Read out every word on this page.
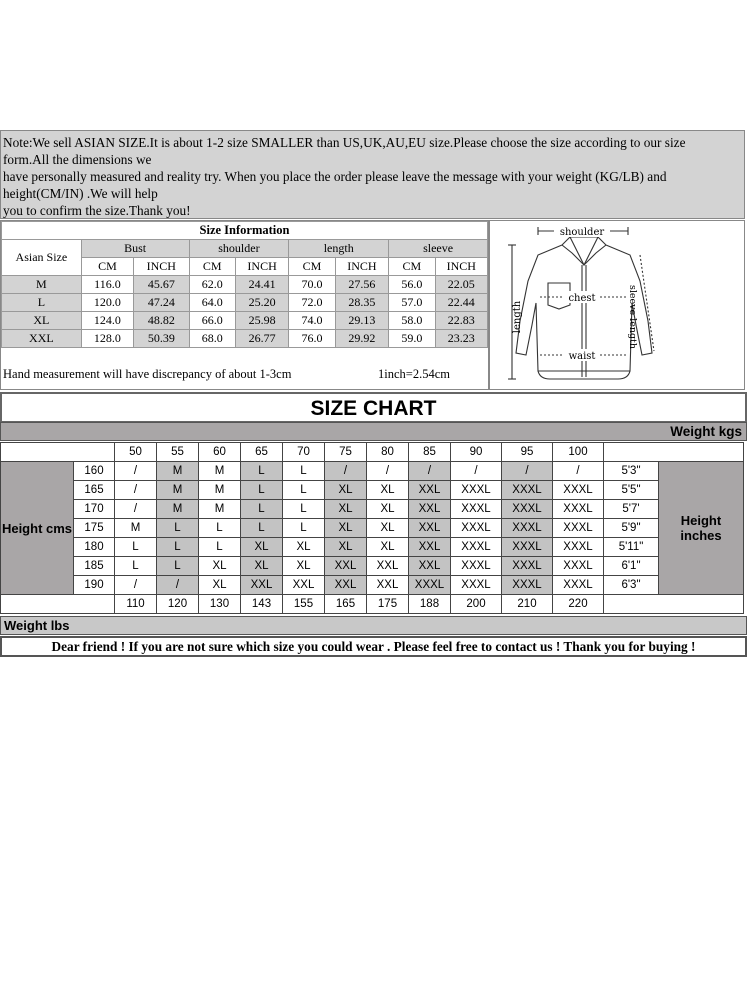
Note:We sell ASIAN SIZE.It is about 1-2 size SMALLER than US,UK,AU,EU size.Please choose the size according to our size
form.All the dimensions we
have personally measured and reality try. When you place the order please leave the message with your weight (KG/LB) and
height(CM/IN) .We will help
you to confirm the size.Thank you!
Size Information								
Asian Size	Bust		shoulder		length		sleeve	
	CM	INCH	CM	INCH	CM	INCH	CM	INCH
M	116.0	45.67	62.0	24.41	70.0	27.56	56.0	22.05
L	120.0	47.24	64.0	25.20	72.0	28.35	57.0	22.44
XL	124.0	48.82	66.0	25.98	74.0	29.13	58.0	22.83
XXL	128.0	50.39	68.0	26.77	76.0	29.92	59.0	23.23
Hand measurement will have discrepancy of about 1-3cm	1inch=2.54cm
shoulder
chest
waist
length	sleeve length
SIZE CHART
Weight kgs
		50	55	60	65	70	75	80	85	90	95	100		
Height cms	160	/	M	M	L	L	/	/	/	/	/	/	5'3"	Height inches
	165	/	M	M	L	L	XL	XL	XXL	XXXL	XXXL	XXXL	5'5"	
	170	/	M	M	L	L	XL	XL	XXL	XXXL	XXXL	XXXL	5'7'	
	175	M	L	L	L	L	XL	XL	XXL	XXXL	XXXL	XXXL	5'9"	
	180	L	L	L	XL	XL	XL	XL	XXL	XXXL	XXXL	XXXL	5'11"	
	185	L	L	XL	XL	XL	XXL	XXL	XXL	XXXL	XXXL	XXXL	6'1"	
	190	/	/	XL	XXL	XXL	XXL	XXL	XXXL	XXXL	XXXL	XXXL	6'3"	
		110	120	130	143	155	165	175	188	200	210	220		
Weight lbs
Dear friend ! If you are not sure which size you could wear . Please feel free to contact us ! Thank you for buying !
